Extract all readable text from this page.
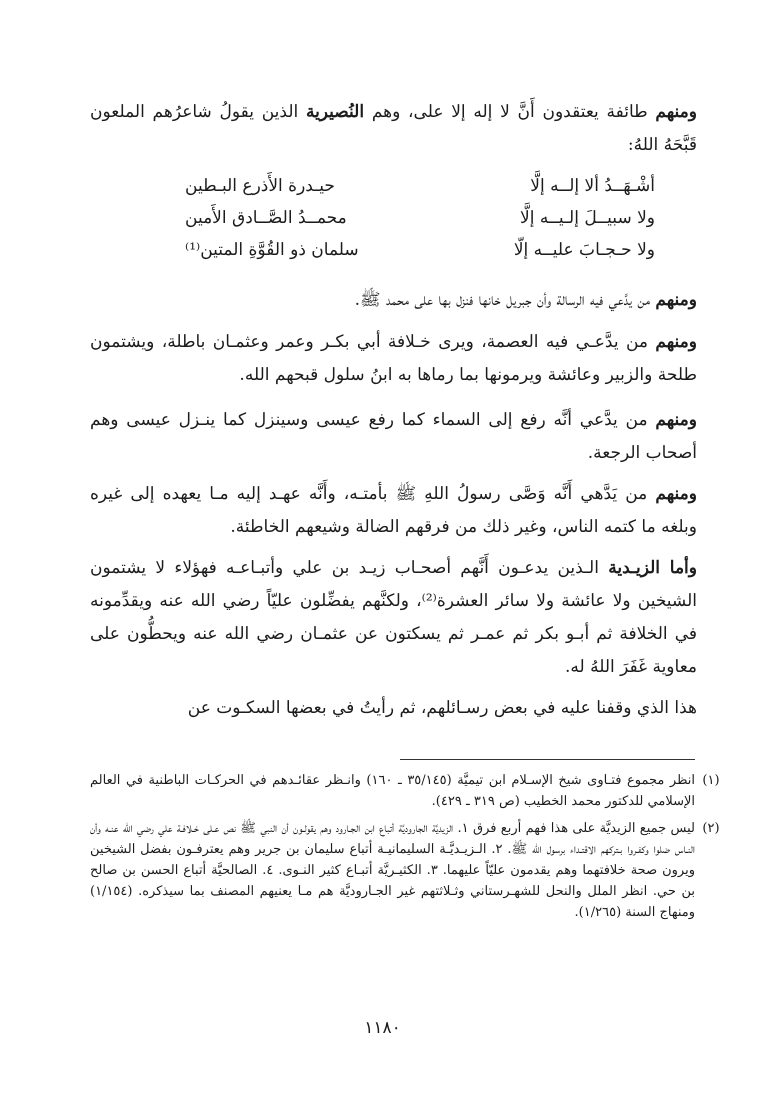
ومنهم طائفة يعتقدون أَنَّ لا إله إلا على، وهم النُصيرية الذين يقولُ شاعرُهم الملعون قَبَّحَهُ اللهُ:
أشْـهَــدُ ألا إلــه إلَّا
حيـدرة الأَذرع البـطين
ولا سبيــلَ إلـيــه إلَّا
محمــدُ الصَّــادق الأَمين
ولا حـجـابَ عليــه إلّا
سلمان ذو القُوَّةِ المتين⁽¹⁾
ومنهم من يدَّعي فيه الرسالة وأن جبريل خانها فنزل بها على محمد ﷺ.
ومنهم من يدَّعـي فيه العصمة، ويرى خـلافة أبي بكـر وعمر وعثمـان باطلة، ويشتمون طلحة والزبير وعائشة ويرمونها بما رماها به ابنُ سلول قبحهم الله.
ومنهم من يدَّعي أنَّه رفع إلى السماء كما رفع عيسى وسينزل كما ينـزل عيسى وهم أصحاب الرجعة.
ومنهم من يَدَّهي أَنَّه وَصَّى رسولُ اللهِ ﷺ بأمتـه، وأَنَّه عهـد إليه مـا يعهده إلى غيره وبلغه ما كتمه الناس، وغير ذلك من فرقهم الضالة وشيعهم الخاطئة.
وأما الزيـدية الـذين يدعـون أَنَّهم أصحـاب زيـد بن علي وأتبـاعـه فهؤلاء لا يشتمون الشيخين ولا عائشة ولا سائر العشرة⁽²⁾، ولكنَّهم يفضِّلون عليّاً رضي الله عنه ويقدِّمونه في الخلافة ثم أبـو بكر ثم عمـر ثم يسكتون عن عثمـان رضي الله عنه ويحطُّون على معاوية غَفَرَ اللهُ له.
هذا الذي وقفنا عليه في بعض رسـائلهم، ثم رأيتُ في بعضها السكـوت عن
(١)
انظر مجموع فتـاوى شيخ الإسـلام ابن تيميَّة (٣٥/١٤٥ ـ ١٦٠) وانـظر عقائـدهم في الحركـات الباطنية في العالم الإسلامي للدكتور محمد الخطيب (ص ٣١٩ ـ ٤٢٩).
(٢)
ليس جميع الزيديَّة على هذا فهم أربع فرق ١. الزيديَّة الجاروديَّة أتباع ابن الجـارود وهم يقولـون أن النبي ﷺ نص عـلى خـلافـة علي رضي الله عنـه وأن النـاس ضلوا وكفـروا بـتركهم الاقتـداء برسول الله ﷺ. ٢. الـزيـديَّـة السليمانيـة أتباع سليمان بن جرير وهم يعترفـون بفضل الشيخين ويرون صحة خلافتهما وهم يقدمون عليّاً عليهما. ٣. الكثيـريَّة أتبـاع كثير النـوى. ٤. الصالحيَّة أتباع الحسن بن صالح بن حي. انظر الملل والنحل للشهـرستاني وثـلاثتهم غير الجـاروديَّة هم مـا يعنيهم المصنف بما سيذكره. (١/١٥٤) ومنهاج السنة (١/٢٦٥).
١١٨٠
